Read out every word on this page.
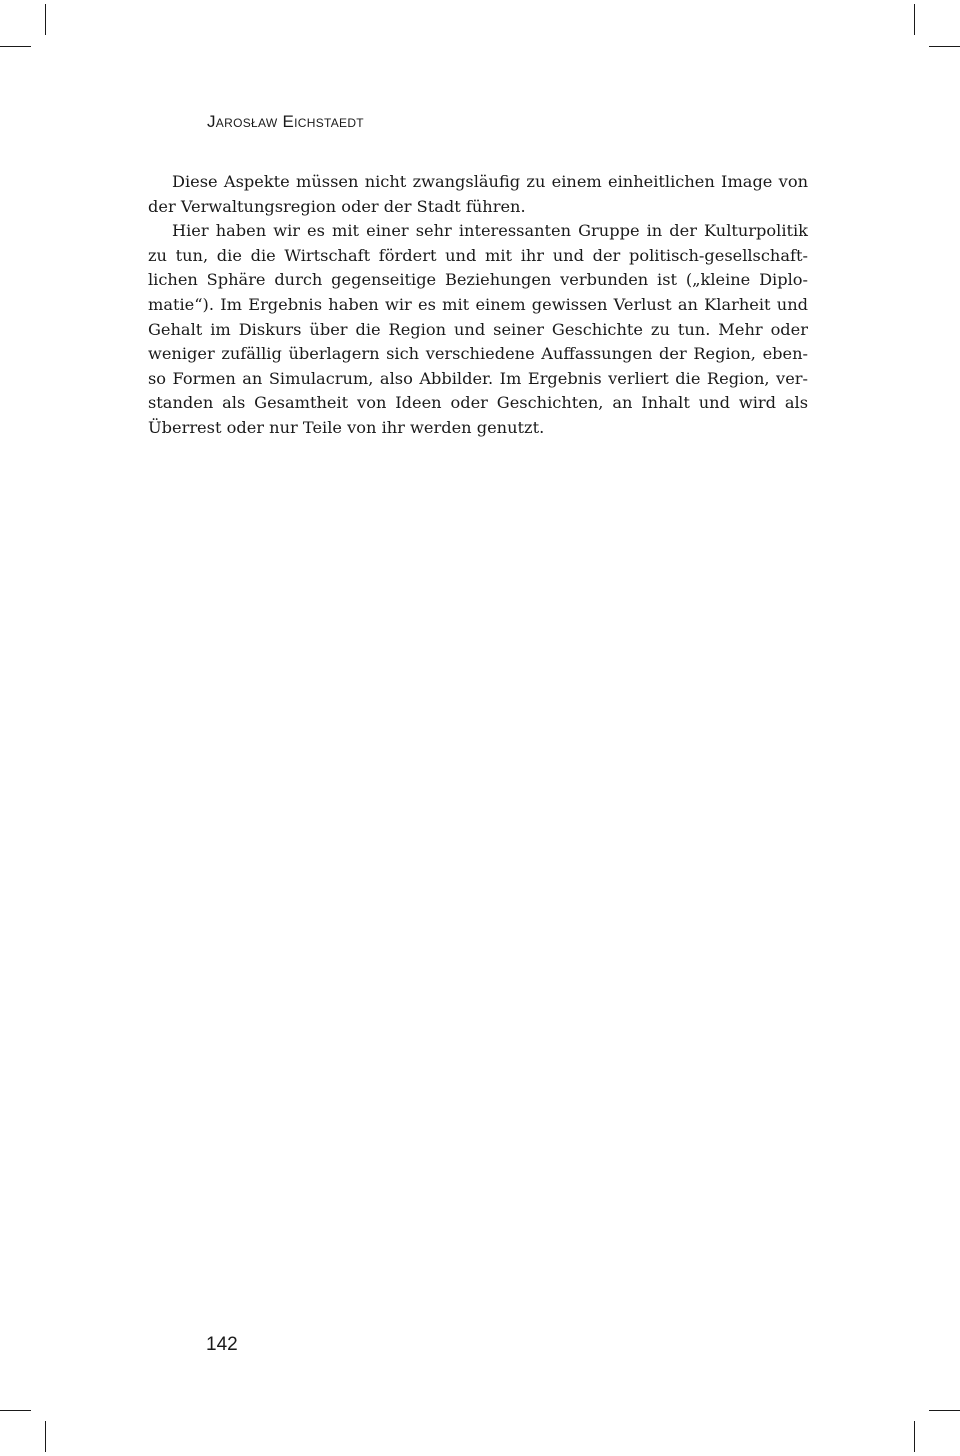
Jarosław Eichstaedt

Diese Aspekte müssen nicht zwangsläufig zu einem einheitlichen Image von der Verwaltungsregion oder der Stadt führen.

Hier haben wir es mit einer sehr interessanten Gruppe in der Kulturpolitik zu tun, die die Wirtschaft fördert und mit ihr und der politisch-gesellschaftlichen Sphäre durch gegenseitige Beziehungen verbunden ist („kleine Diplomatie“). Im Ergebnis haben wir es mit einem gewissen Verlust an Klarheit und Gehalt im Diskurs über die Region und seiner Geschichte zu tun. Mehr oder weniger zufällig überlagern sich verschiedene Auffassungen der Region, ebenso Formen an Simulacrum, also Abbilder. Im Ergebnis verliert die Region, verstanden als Gesamtheit von Ideen oder Geschichten, an Inhalt und wird als Überrest oder nur Teile von ihr werden genutzt.

142
